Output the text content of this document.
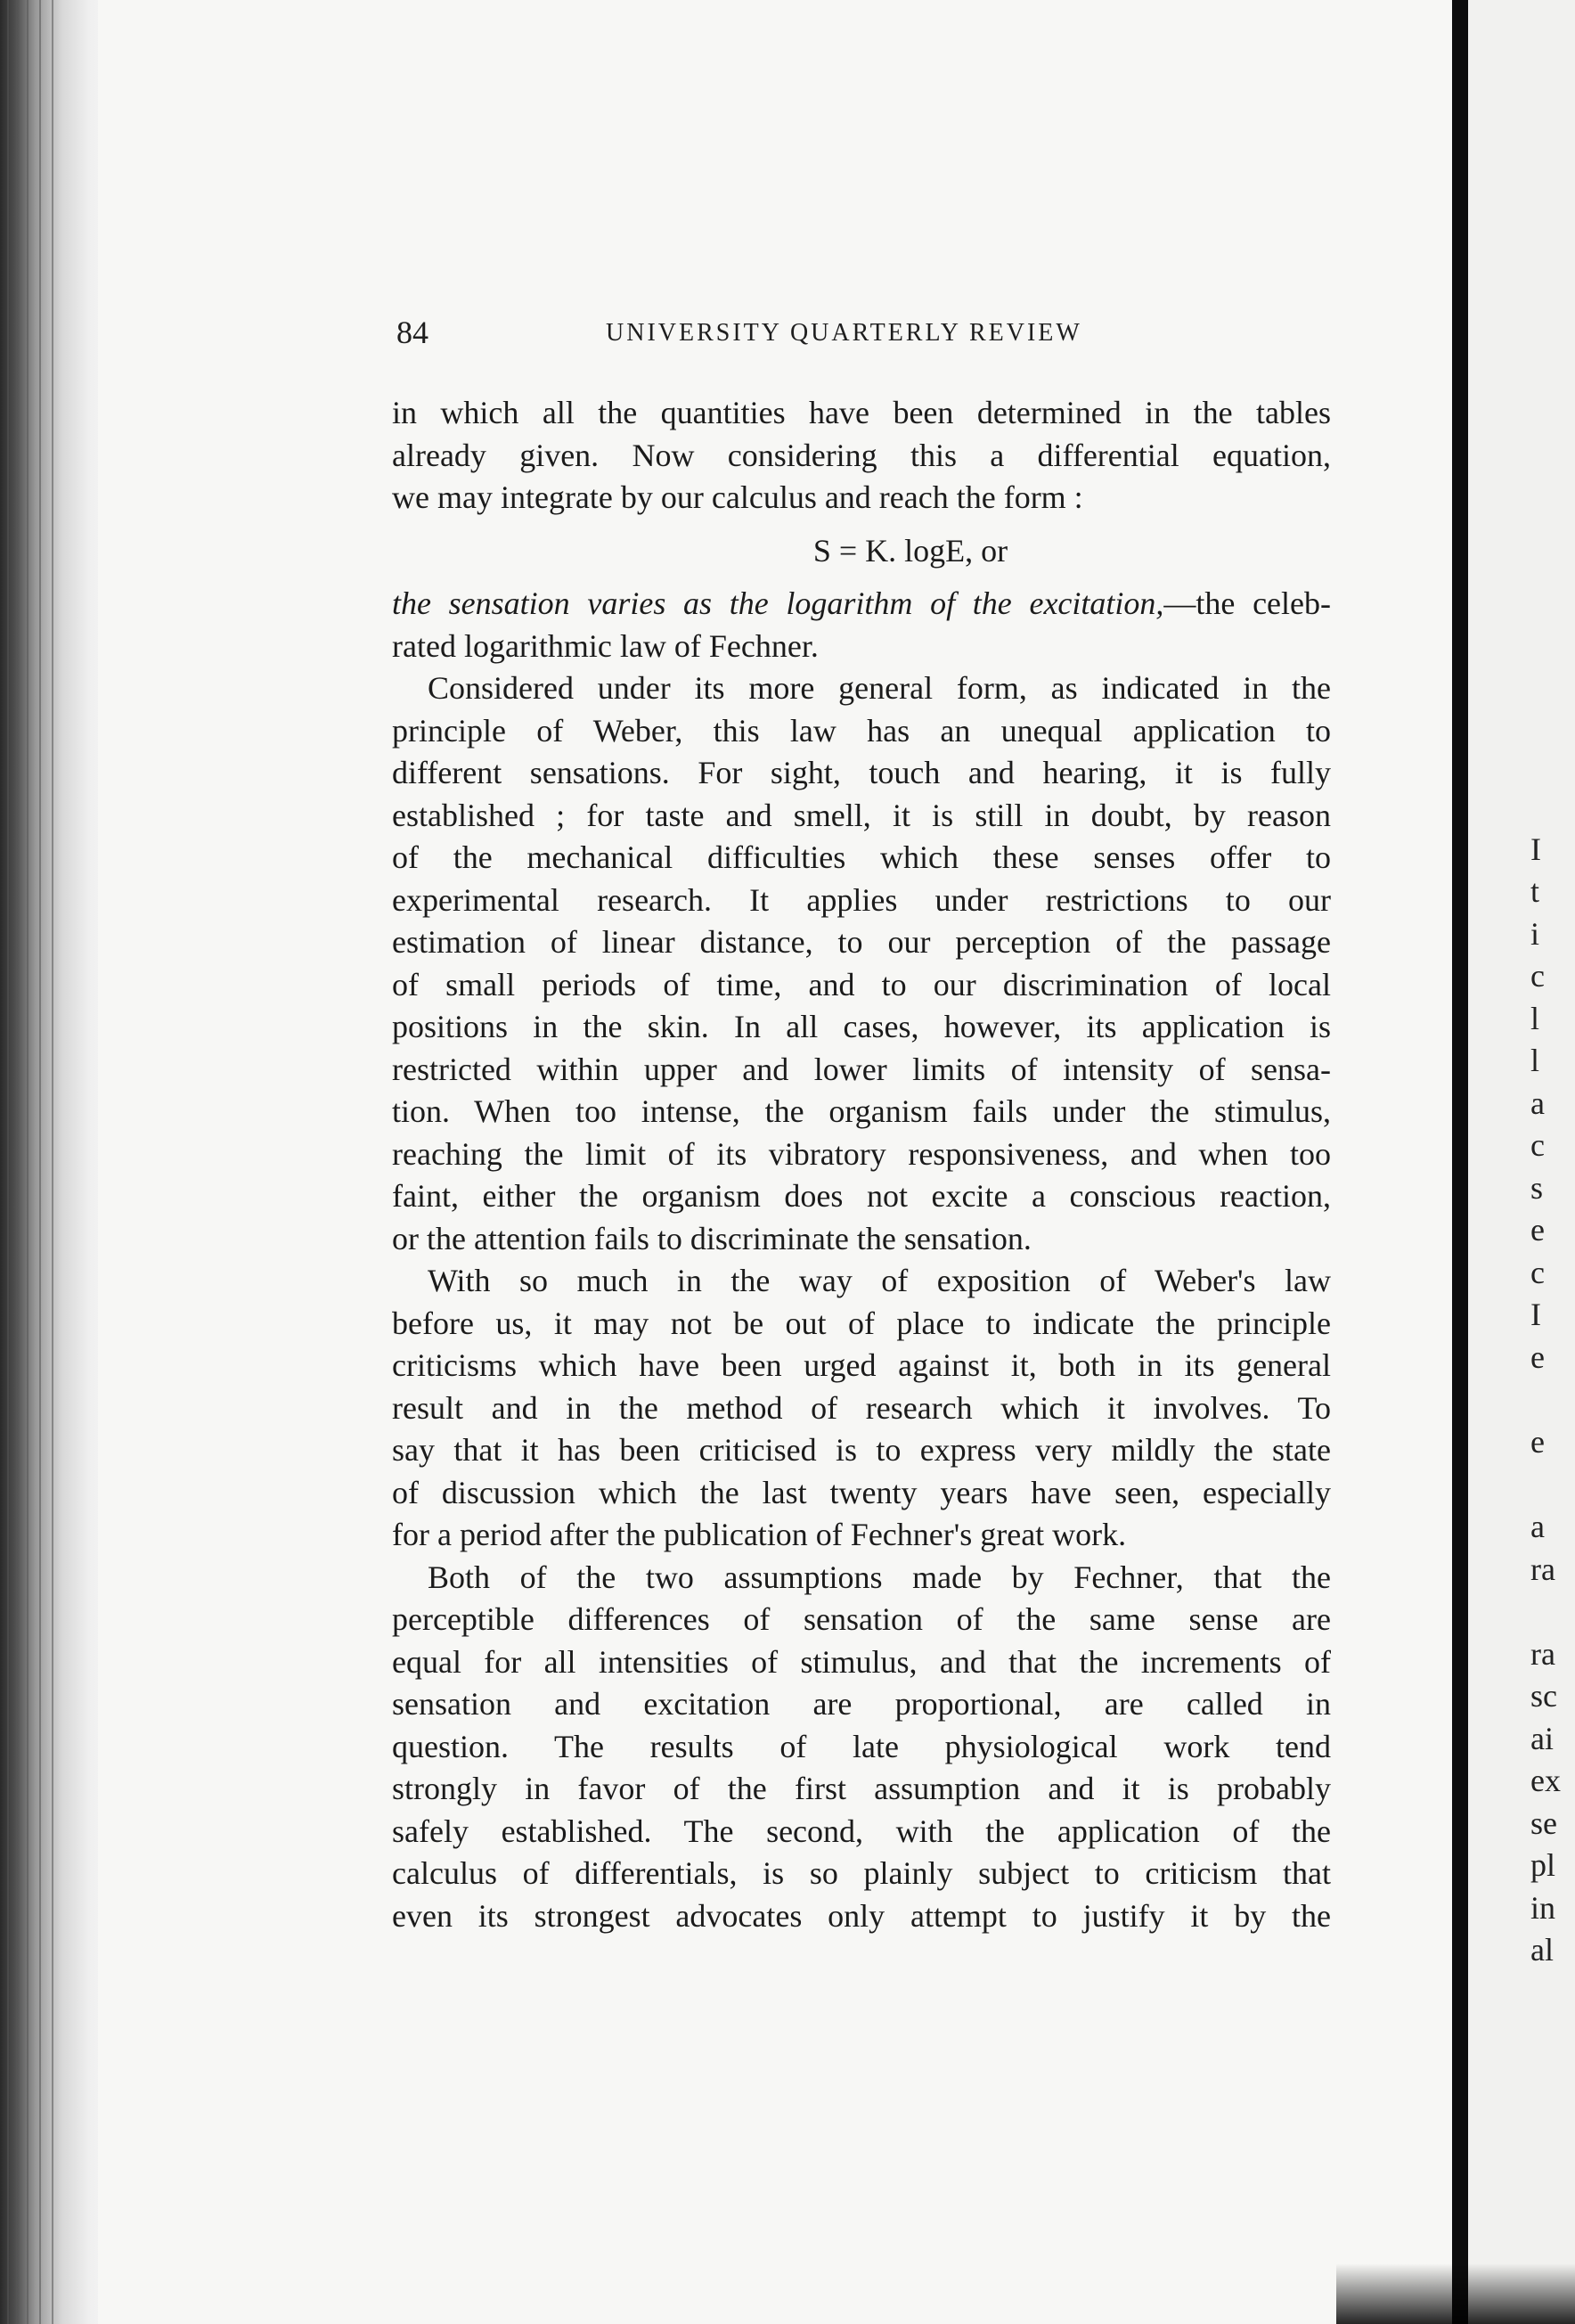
84	UNIVERSITY QUARTERLY REVIEW
in which all the quantities have been determined in the tables
already given. Now considering this a differential equation,
we may integrate by our calculus and reach the form :
S = K. logE, or
the sensation varies as the logarithm of the excitation,—the celeb-
rated logarithmic law of Fechner.
Considered under its more general form, as indicated in the
principle of Weber, this law has an unequal application to
different sensations. For sight, touch and hearing, it is fully
established ; for taste and smell, it is still in doubt, by reason
of the mechanical difficulties which these senses offer to
experimental research. It applies under restrictions to our
estimation of linear distance, to our perception of the passage
of small periods of time, and to our discrimination of local
positions in the skin. In all cases, however, its application is
restricted within upper and lower limits of intensity of sensa-
tion. When too intense, the organism fails under the stimulus,
reaching the limit of its vibratory responsiveness, and when too
faint, either the organism does not excite a conscious reaction,
or the attention fails to discriminate the sensation.
With so much in the way of exposition of Weber's law
before us, it may not be out of place to indicate the principle
criticisms which have been urged against it, both in its general
result and in the method of research which it involves. To
say that it has been criticised is to express very mildly the state
of discussion which the last twenty years have seen, especially
for a period after the publication of Fechner's great work.
Both of the two assumptions made by Fechner, that the
perceptible differences of sensation of the same sense are
equal for all intensities of stimulus, and that the increments of
sensation and excitation are proportional, are called in
question. The results of late physiological work tend
strongly in favor of the first assumption and it is probably
safely established. The second, with the application of the
calculus of differentials, is so plainly subject to criticism that
even its strongest advocates only attempt to justify it by the
I
t
i
c
l
l
a
c
s
e
c
I
e
e
a
ra
ra
sc
ai
ex
se
pl
in
al
